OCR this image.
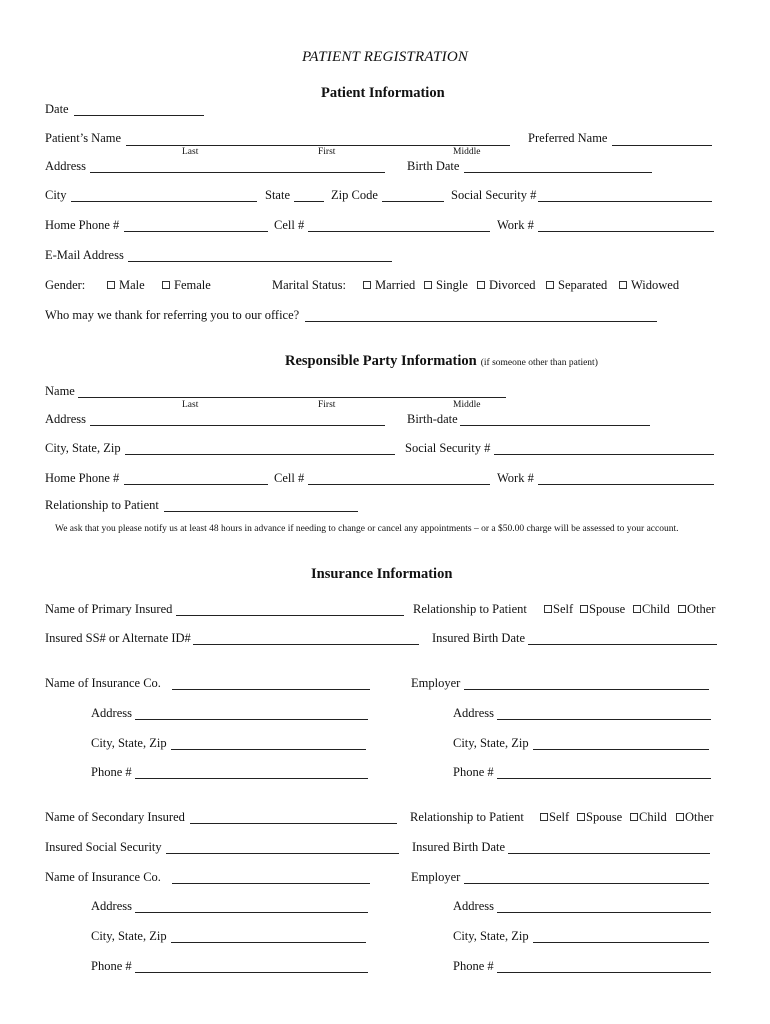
PATIENT REGISTRATION
Patient Information
Date
Patient’s Name	Preferred Name
Last	First	Middle
Address	Birth Date
City	State	Zip Code	Social Security #
Home Phone #	Cell #	Work #
E-Mail Address
Gender:	Male Female	Marital Status: Married Single Divorced Separated Widowed
Who may we thank for referring you to our office?
Responsible Party Information (if someone other than patient)
Name
Last	First	Middle
Address	Birth-date
City, State, Zip	Social Security #
Home Phone #	Cell #	Work #
Relationship to Patient
We ask that you please notify us at least 48 hours in advance if needing to change or cancel any appointments – or a $50.00 charge will be assessed to your account.
Insurance Information
Name of Primary Insured	Relationship to Patient Self Spouse Child Other
Insured SS# or Alternate ID#	Insured Birth Date
Name of Insurance Co.	Employer
Address	Address
City, State, Zip	City, State, Zip
Phone #	Phone #
Name of Secondary Insured	Relationship to Patient Self Spouse Child Other
Insured Social Security	Insured Birth Date
Name of Insurance Co.	Employer
Address	Address
City, State, Zip	City, State, Zip
Phone #	Phone #
